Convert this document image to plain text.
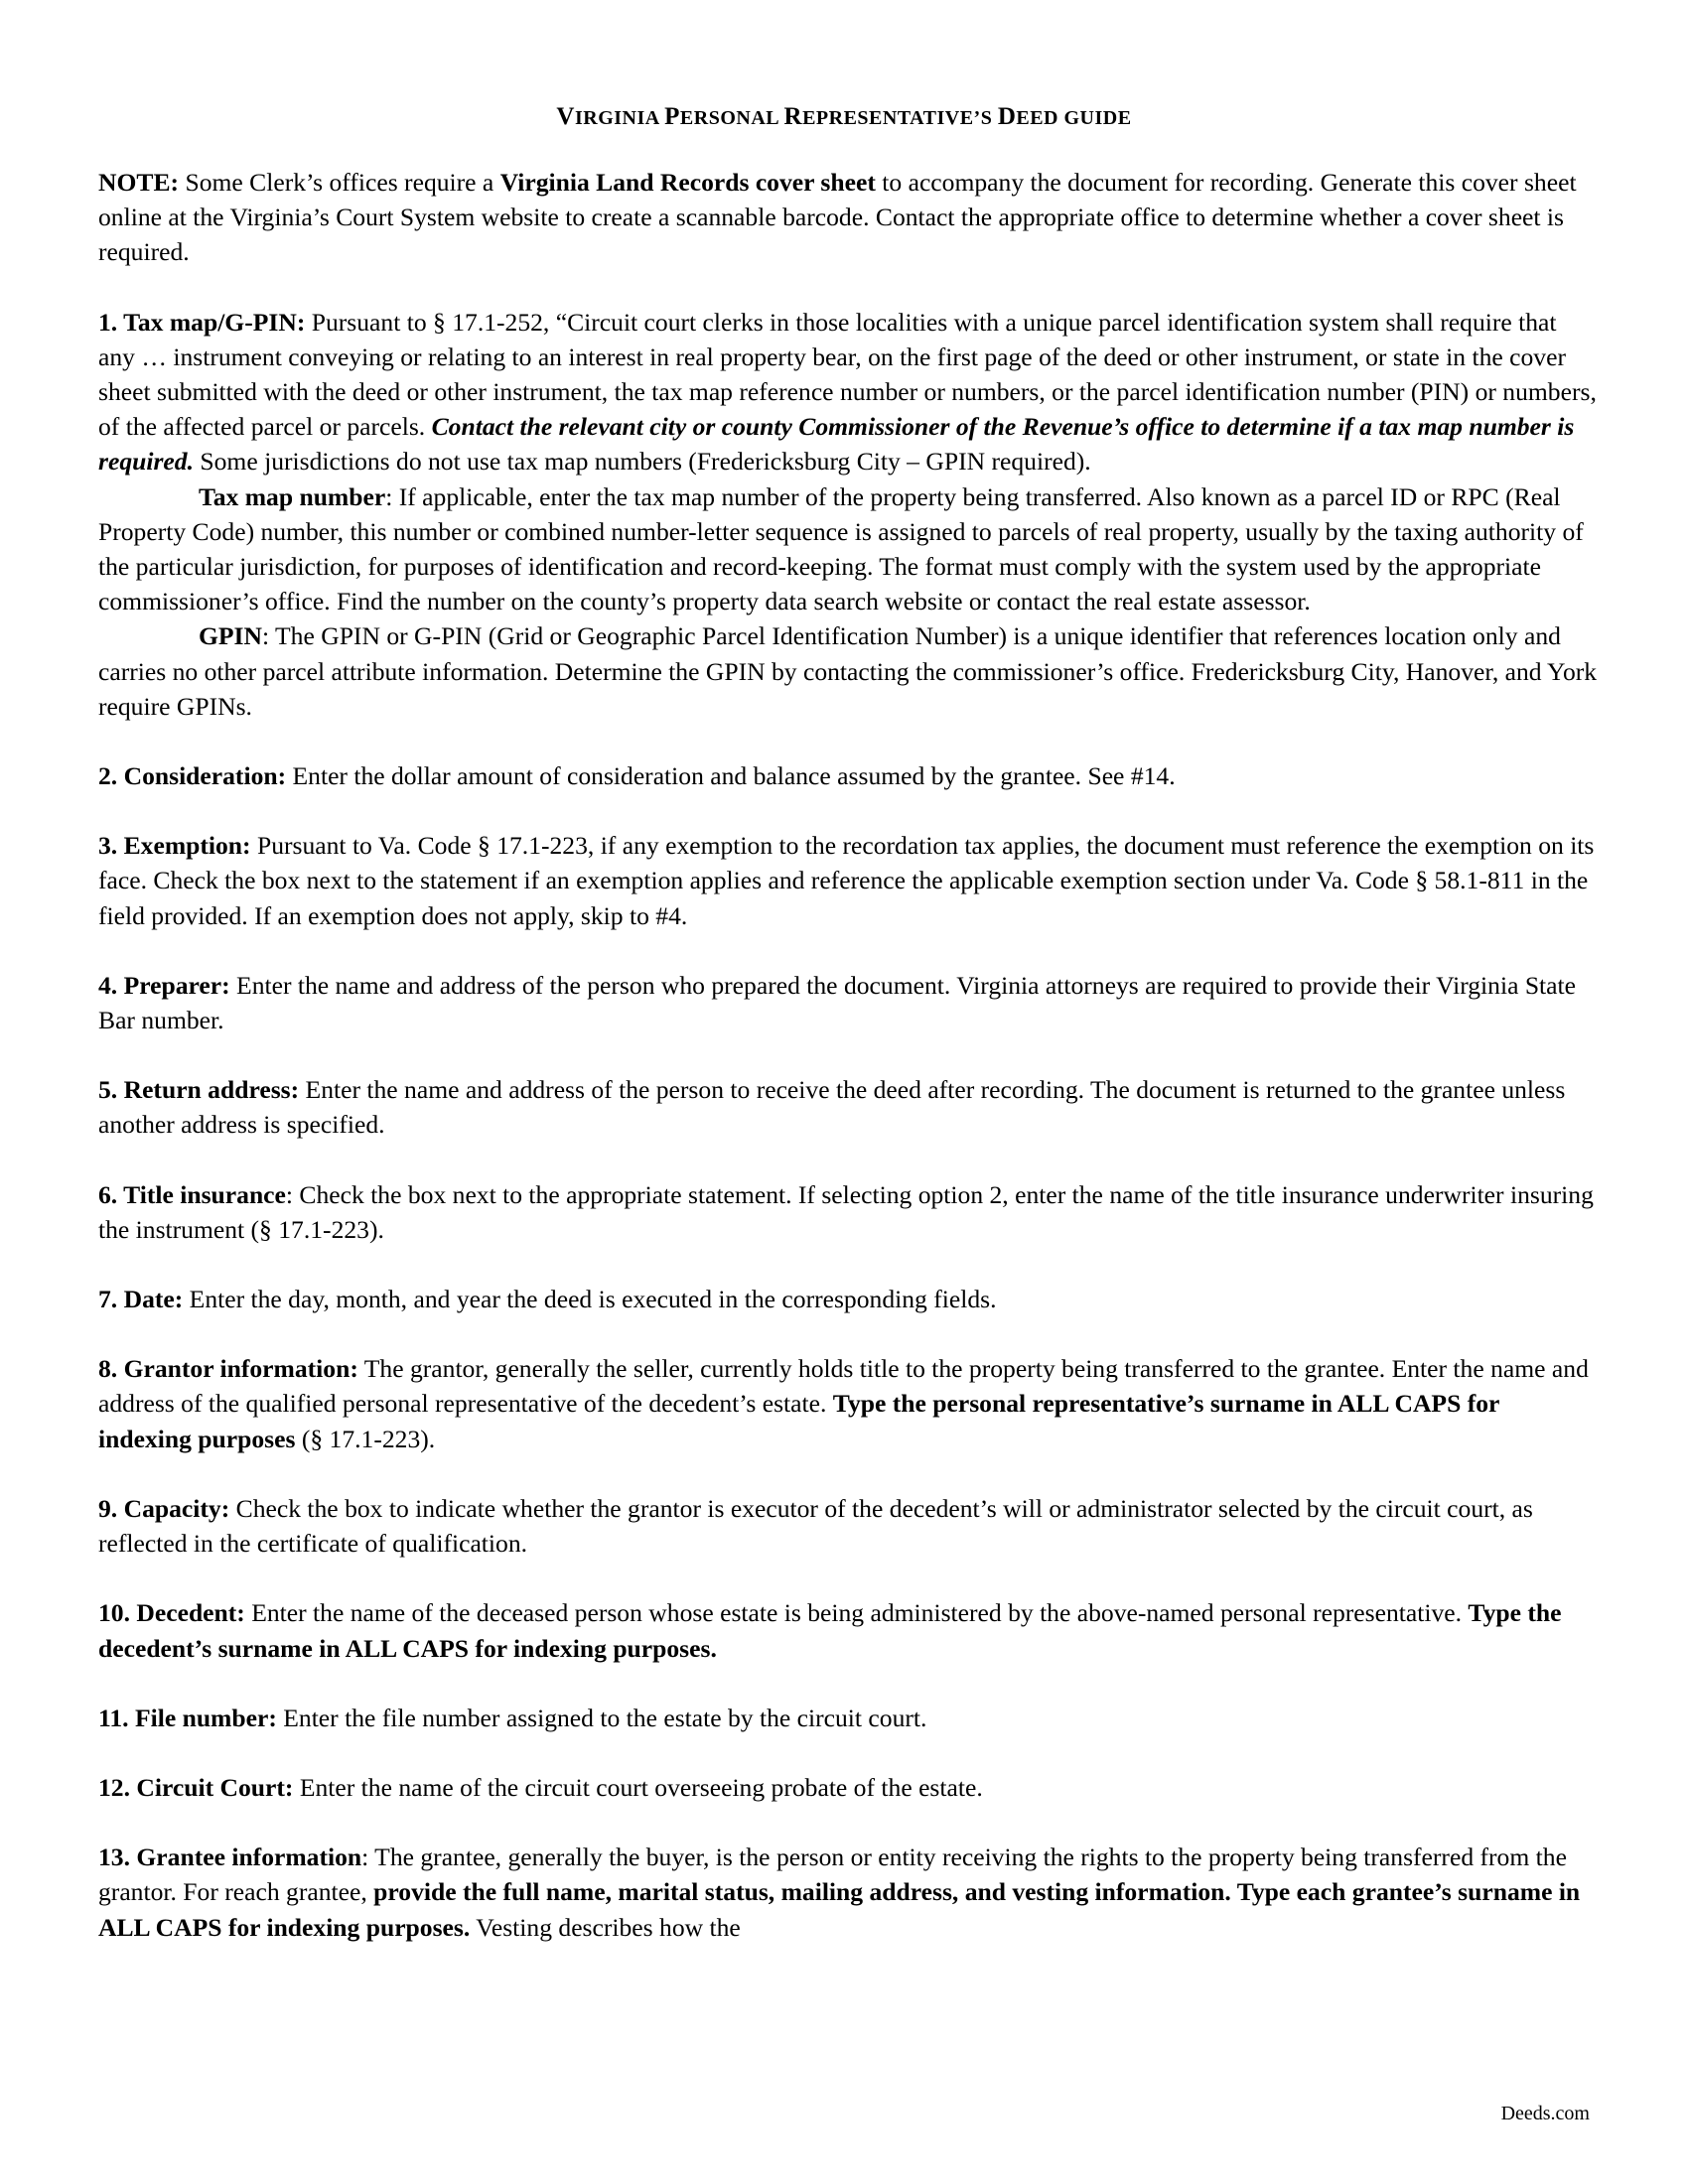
VIRGINIA PERSONAL REPRESENTATIVE’S DEED GUIDE

NOTE: Some Clerk’s offices require a Virginia Land Records cover sheet to accompany the document for recording. Generate this cover sheet online at the Virginia’s Court System website to create a scannable barcode. Contact the appropriate office to determine whether a cover sheet is required.

1. Tax map/G-PIN: Pursuant to § 17.1-252, “Circuit court clerks in those localities with a unique parcel identification system shall require that any … instrument conveying or relating to an interest in real property bear, on the first page of the deed or other instrument, or state in the cover sheet submitted with the deed or other instrument, the tax map reference number or numbers, or the parcel identification number (PIN) or numbers, of the affected parcel or parcels. Contact the relevant city or county Commissioner of the Revenue’s office to determine if a tax map number is required. Some jurisdictions do not use tax map numbers (Fredericksburg City – GPIN required).

Tax map number: If applicable, enter the tax map number of the property being transferred. Also known as a parcel ID or RPC (Real Property Code) number, this number or combined number-letter sequence is assigned to parcels of real property, usually by the taxing authority of the particular jurisdiction, for purposes of identification and record-keeping. The format must comply with the system used by the appropriate commissioner’s office. Find the number on the county’s property data search website or contact the real estate assessor.

GPIN: The GPIN or G-PIN (Grid or Geographic Parcel Identification Number) is a unique identifier that references location only and carries no other parcel attribute information. Determine the GPIN by contacting the commissioner’s office. Fredericksburg City, Hanover, and York require GPINs.

2. Consideration: Enter the dollar amount of consideration and balance assumed by the grantee. See #14.

3. Exemption: Pursuant to Va. Code § 17.1-223, if any exemption to the recordation tax applies, the document must reference the exemption on its face. Check the box next to the statement if an exemption applies and reference the applicable exemption section under Va. Code § 58.1-811 in the field provided. If an exemption does not apply, skip to #4.

4. Preparer: Enter the name and address of the person who prepared the document. Virginia attorneys are required to provide their Virginia State Bar number.

5. Return address: Enter the name and address of the person to receive the deed after recording. The document is returned to the grantee unless another address is specified.

6. Title insurance: Check the box next to the appropriate statement. If selecting option 2, enter the name of the title insurance underwriter insuring the instrument (§ 17.1-223).

7. Date: Enter the day, month, and year the deed is executed in the corresponding fields.

8. Grantor information: The grantor, generally the seller, currently holds title to the property being transferred to the grantee. Enter the name and address of the qualified personal representative of the decedent’s estate. Type the personal representative’s surname in ALL CAPS for indexing purposes (§ 17.1-223).

9. Capacity: Check the box to indicate whether the grantor is executor of the decedent’s will or administrator selected by the circuit court, as reflected in the certificate of qualification.

10. Decedent: Enter the name of the deceased person whose estate is being administered by the above-named personal representative. Type the decedent’s surname in ALL CAPS for indexing purposes.

11. File number: Enter the file number assigned to the estate by the circuit court.

12. Circuit Court: Enter the name of the circuit court overseeing probate of the estate.

13. Grantee information: The grantee, generally the buyer, is the person or entity receiving the rights to the property being transferred from the grantor. For reach grantee, provide the full name, marital status, mailing address, and vesting information. Type each grantee’s surname in ALL CAPS for indexing purposes. Vesting describes how the

Deeds.com
